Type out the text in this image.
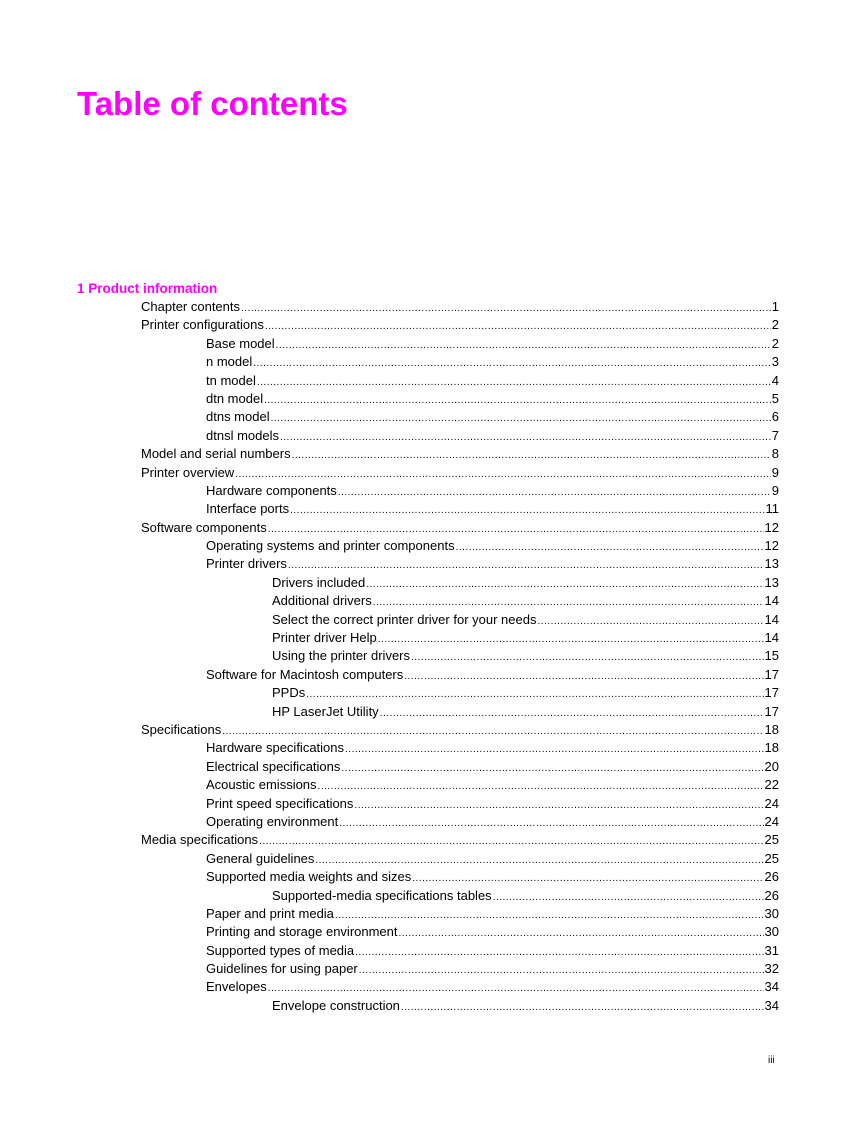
Table of contents
1 Product information
Chapter contents .....	1
Printer configurations .....	2
Base model .....	2
n model .....	3
tn model .....	4
dtn model .....	5
dtns model .....	6
dtnsl models .....	7
Model and serial numbers .....	8
Printer overview .....	9
Hardware components .....	9
Interface ports .....	11
Software components .....	12
Operating systems and printer components .....	12
Printer drivers .....	13
Drivers included .....	13
Additional drivers .....	14
Select the correct printer driver for your needs .....	14
Printer driver Help .....	14
Using the printer drivers .....	15
Software for Macintosh computers .....	17
PPDs .....	17
HP LaserJet Utility .....	17
Specifications .....	18
Hardware specifications .....	18
Electrical specifications .....	20
Acoustic emissions .....	22
Print speed specifications .....	24
Operating environment .....	24
Media specifications .....	25
General guidelines .....	25
Supported media weights and sizes .....	26
Supported-media specifications tables .....	26
Paper and print media .....	30
Printing and storage environment .....	30
Supported types of media .....	31
Guidelines for using paper .....	32
Envelopes .....	34
Envelope construction .....	34
iii
